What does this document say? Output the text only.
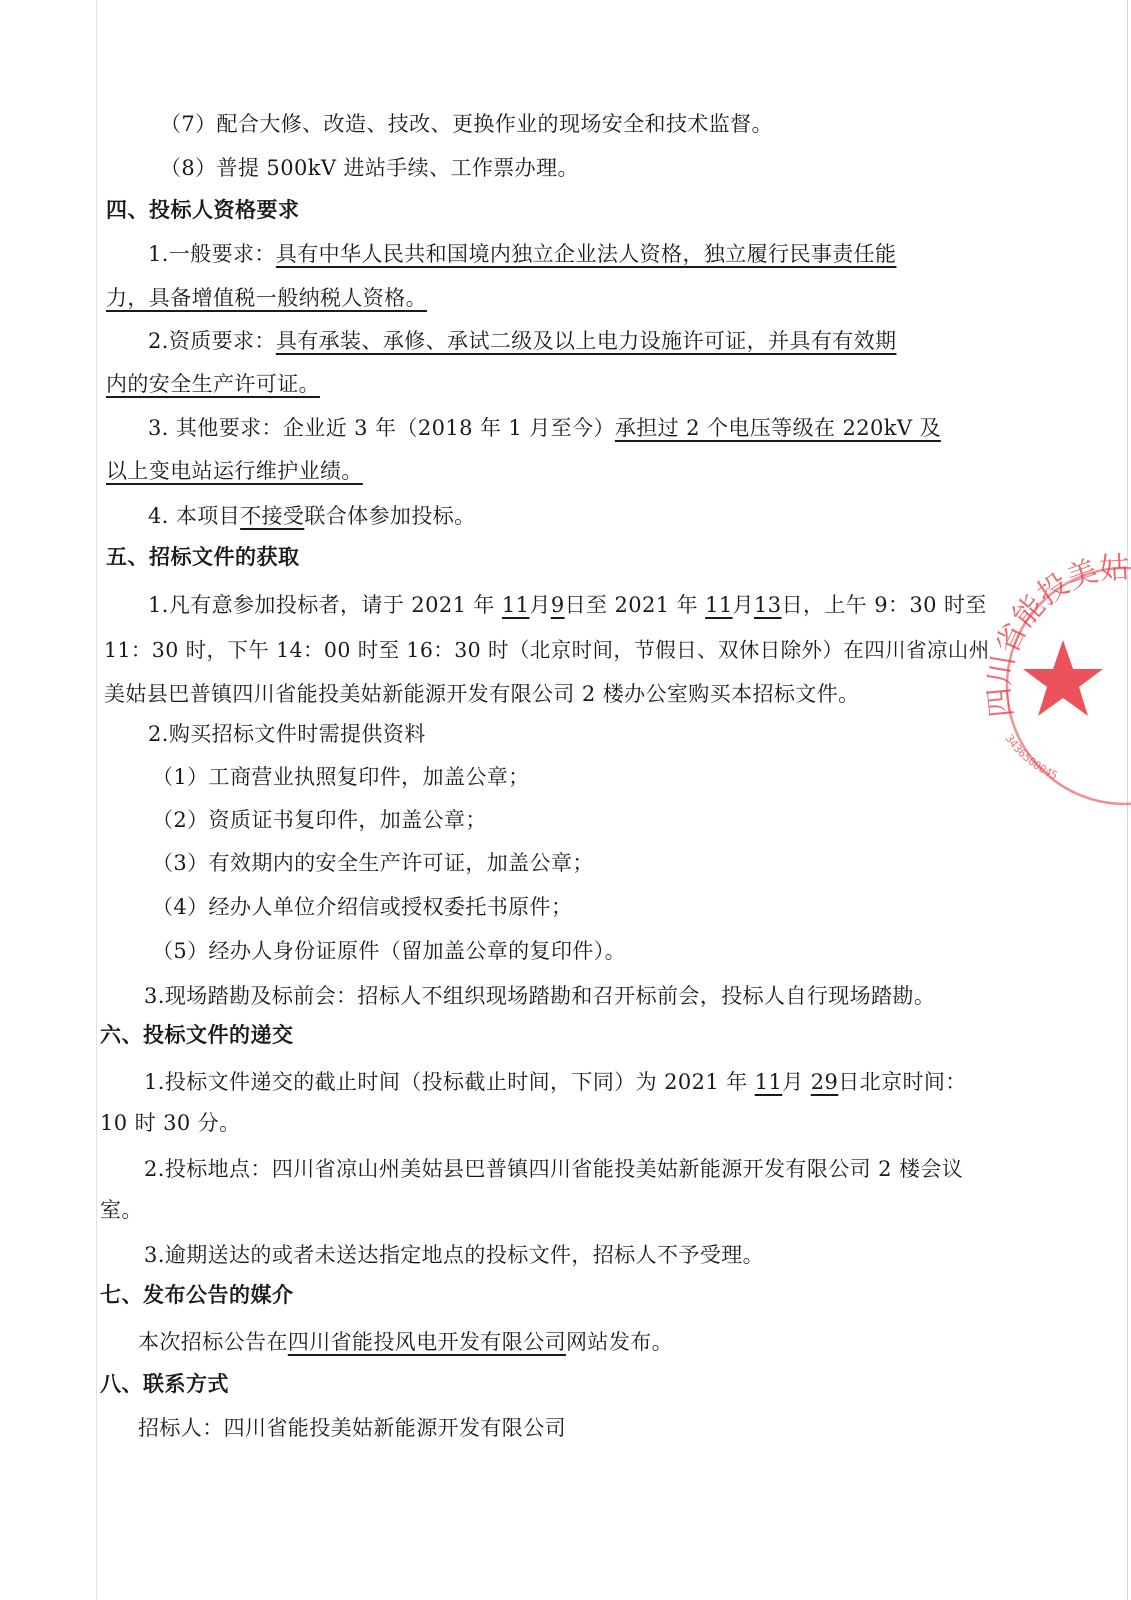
（7）配合大修、改造、技改、更换作业的现场安全和技术监督。
（8）普提 500kV 进站手续、工作票办理。
四、投标人资格要求
1.一般要求：具有中华人民共和国境内独立企业法人资格，独立履行民事责任能
力，具备增值税一般纳税人资格。
2.资质要求：具有承装、承修、承试二级及以上电力设施许可证，并具有有效期
内的安全生产许可证。
3. 其他要求：企业近 3 年（2018 年 1 月至今）承担过 2 个电压等级在 220kV 及
以上变电站运行维护业绩。
4. 本项目不接受联合体参加投标。
五、招标文件的获取
1.凡有意参加投标者，请于 2021 年 11月9日至 2021 年 11月13日，上午 9：30 时至
11：30 时，下午 14：00 时至 16：30 时（北京时间，节假日、双休日除外）在四川省凉山州
美姑县巴普镇四川省能投美姑新能源开发有限公司 2 楼办公室购买本招标文件。
2.购买招标文件时需提供资料
（1）工商营业执照复印件，加盖公章；
（2）资质证书复印件，加盖公章；
（3）有效期内的安全生产许可证，加盖公章；
（4）经办人单位介绍信或授权委托书原件；
（5）经办人身份证原件（留加盖公章的复印件）。
3.现场踏勘及标前会：招标人不组织现场踏勘和召开标前会，投标人自行现场踏勘。
六、投标文件的递交
1.投标文件递交的截止时间（投标截止时间，下同）为 2021 年 11月 29日北京时间：
10 时 30 分。
2.投标地点：四川省凉山州美姑县巴普镇四川省能投美姑新能源开发有限公司 2 楼会议
室。
3.逾期送达的或者未送达指定地点的投标文件，招标人不予受理。
七、发布公告的媒介
本次招标公告在四川省能投风电开发有限公司网站发布。
八、联系方式
招标人：四川省能投美姑新能源开发有限公司
四川省能投美姑新
3436500045
